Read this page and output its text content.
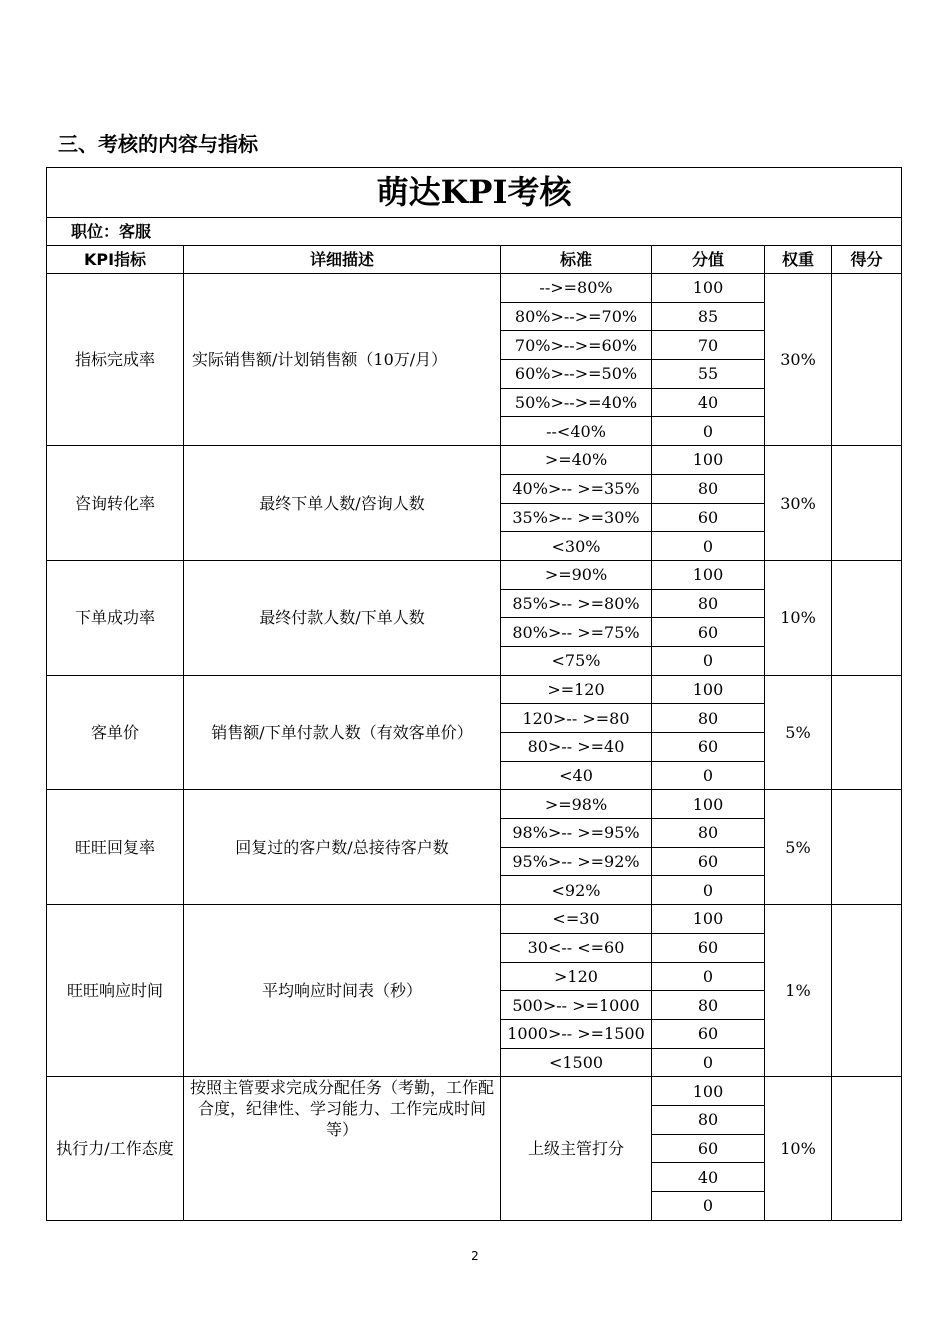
三、考核的内容与指标
萌达KPI考核					
职位：客服					
KPI指标	详细描述	标准	分值	权重	得分
指标完成率	实际销售额/计划销售额（10万/月）	-->=80%	100	30%	
		80%>-->=70%	85		
		70%>-->=60%	70		
		60%>-->=50%	55		
		50%>-->=40%	40		
		--<40%	0		
咨询转化率	最终下单人数/咨询人数	>=40%	100	30%	
		40%>-- >=35%	80		
		35%>-- >=30%	60		
		<30%	0		
下单成功率	最终付款人数/下单人数	>=90%	100	10%	
		85%>-- >=80%	80		
		80%>-- >=75%	60		
		<75%	0		
客单价	销售额/下单付款人数（有效客单价）	>=120	100	5%	
		120>-- >=80	80		
		80>-- >=40	60		
		<40	0		
旺旺回复率	回复过的客户数/总接待客户数	>=98%	100	5%	
		98%>-- >=95%	80		
		95%>-- >=92%	60		
		<92%	0		
旺旺响应时间	平均响应时间表（秒）	<=30	100	1%	
		30<-- <=60	60		
		>120	0		
		500>-- >=1000	80		
		1000>-- >=1500	60		
		<1500	0		
执行力/工作态度	按照主管要求完成分配任务（考勤，工作配合度，纪律性、学习能力、工作完成时间等）	上级主管打分	100	10%	
			80		
			60		
			40		
			0		
2
